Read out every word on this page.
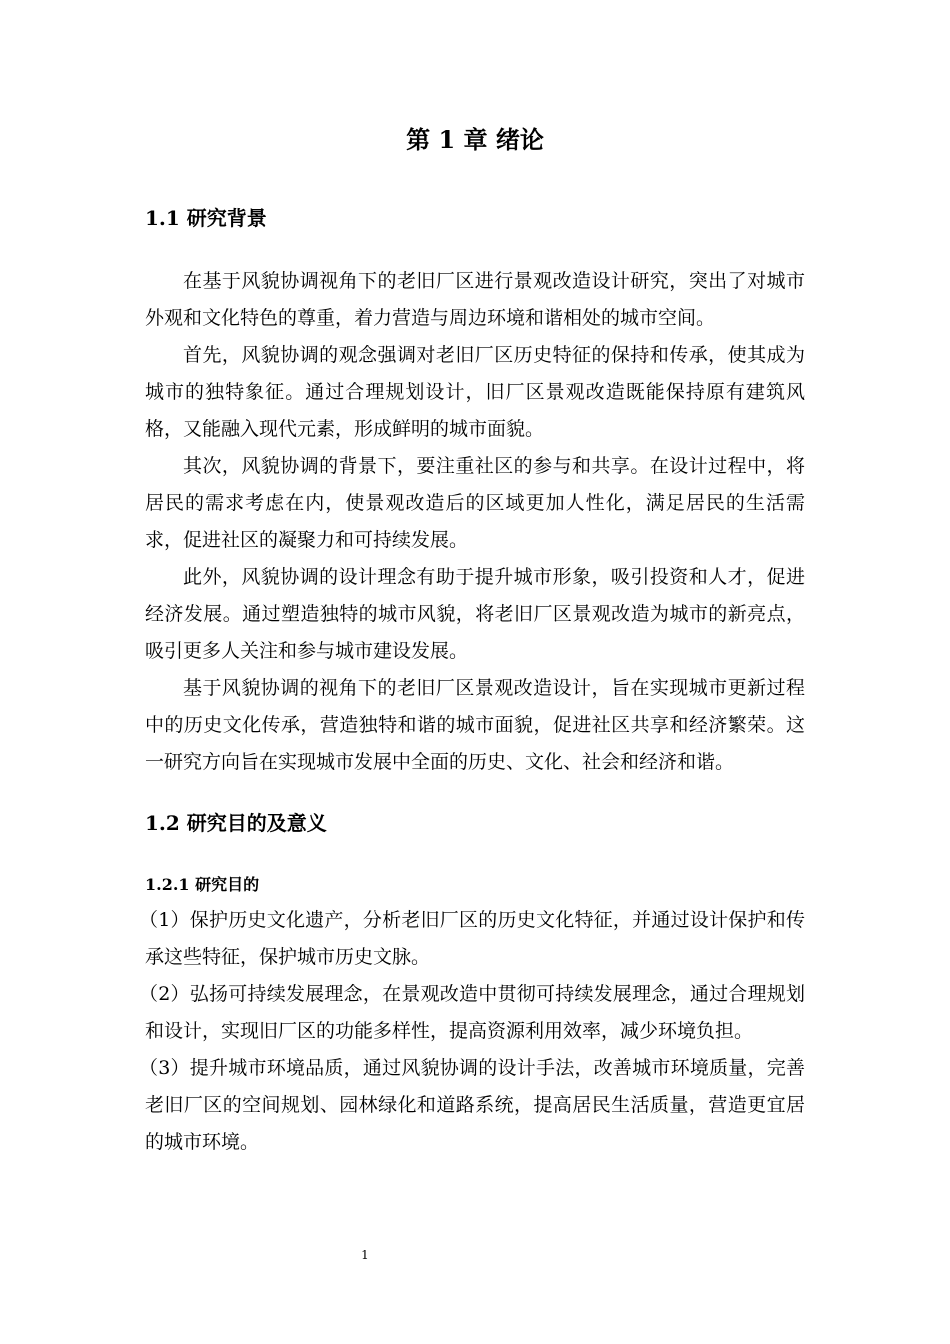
第 1 章 绪论
1.1 研究背景
在基于风貌协调视角下的老旧厂区进行景观改造设计研究，突出了对城市
外观和文化特色的尊重，着力营造与周边环境和谐相处的城市空间。
首先，风貌协调的观念强调对老旧厂区历史特征的保持和传承，使其成为
城市的独特象征。通过合理规划设计，旧厂区景观改造既能保持原有建筑风
格，又能融入现代元素，形成鲜明的城市面貌。
其次，风貌协调的背景下，要注重社区的参与和共享。在设计过程中，将
居民的需求考虑在内，使景观改造后的区域更加人性化，满足居民的生活需
求，促进社区的凝聚力和可持续发展。
此外，风貌协调的设计理念有助于提升城市形象，吸引投资和人才，促进
经济发展。通过塑造独特的城市风貌，将老旧厂区景观改造为城市的新亮点，
吸引更多人关注和参与城市建设发展。
基于风貌协调的视角下的老旧厂区景观改造设计，旨在实现城市更新过程
中的历史文化传承，营造独特和谐的城市面貌，促进社区共享和经济繁荣。这
一研究方向旨在实现城市发展中全面的历史、文化、社会和经济和谐。
1.2 研究目的及意义
1.2.1 研究目的
（1）保护历史文化遗产，分析老旧厂区的历史文化特征，并通过设计保护和传
承这些特征，保护城市历史文脉。
（2）弘扬可持续发展理念，在景观改造中贯彻可持续发展理念，通过合理规划
和设计，实现旧厂区的功能多样性，提高资源利用效率，减少环境负担。
（3）提升城市环境品质，通过风貌协调的设计手法，改善城市环境质量，完善
老旧厂区的空间规划、园林绿化和道路系统，提高居民生活质量，营造更宜居
的城市环境。
1
